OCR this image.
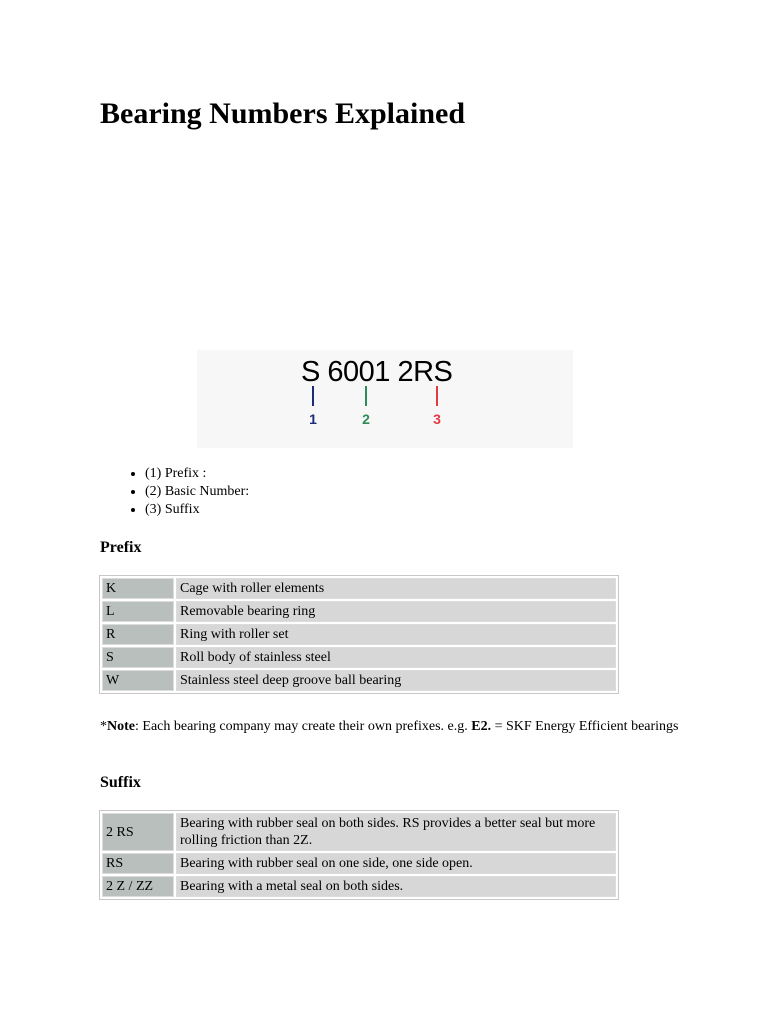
Bearing Numbers Explained
S 6001 2RS
1	2	3
• (1) Prefix :
• (2) Basic Number:
• (3) Suffix
Prefix
K	Cage with roller elements
L	Removable bearing ring
R	Ring with roller set
S	Roll body of stainless steel
W	Stainless steel deep groove ball bearing

*Note: Each bearing company may create their own prefixes. e.g. E2. = SKF Energy Efficient bearings

Suffix
2 RS	Bearing with rubber seal on both sides. RS provides a better seal but more rolling friction than 2Z.
RS	Bearing with rubber seal on one side, one side open.
2 Z / ZZ	Bearing with a metal seal on both sides.
